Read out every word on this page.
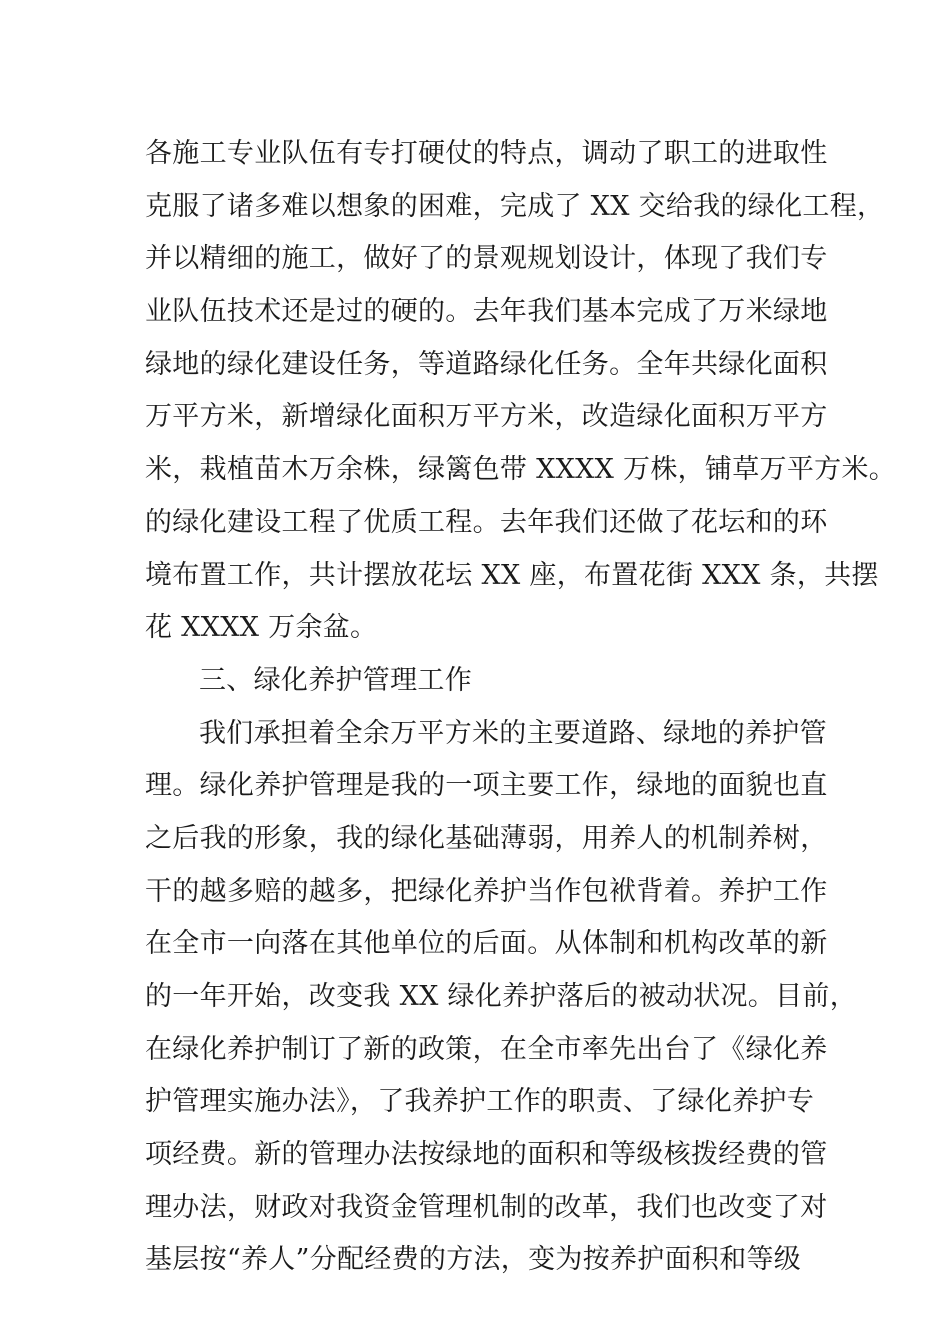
各施工专业队伍有专打硬仗的特点，调动了职工的进取性
克服了诸多难以想象的困难，完成了 XX 交给我的绿化工程，
并以精细的施工，做好了的景观规划设计，体现了我们专
业队伍技术还是过的硬的。去年我们基本完成了万米绿地
绿地的绿化建设任务，等道路绿化任务。全年共绿化面积
万平方米，新增绿化面积万平方米，改造绿化面积万平方
米，栽植苗木万余株，绿篱色带 XXXX 万株，铺草万平方米。
的绿化建设工程了优质工程。去年我们还做了花坛和的环
境布置工作，共计摆放花坛 XX 座，布置花街 XXX 条，共摆
花 XXXX 万余盆。
三、绿化养护管理工作
我们承担着全余万平方米的主要道路、绿地的养护管
理。绿化养护管理是我的一项主要工作，绿地的面貌也直
之后我的形象，我的绿化基础薄弱，用养人的机制养树，
干的越多赔的越多，把绿化养护当作包袱背着。养护工作
在全市一向落在其他单位的后面。从体制和机构改革的新
的一年开始，改变我 XX 绿化养护落后的被动状况。目前，
在绿化养护制订了新的政策，在全市率先出台了《绿化养
护管理实施办法》，了我养护工作的职责、了绿化养护专
项经费。新的管理办法按绿地的面积和等级核拨经费的管
理办法，财政对我资金管理机制的改革，我们也改变了对
基层按“养人”分配经费的方法，变为按养护面积和等级
